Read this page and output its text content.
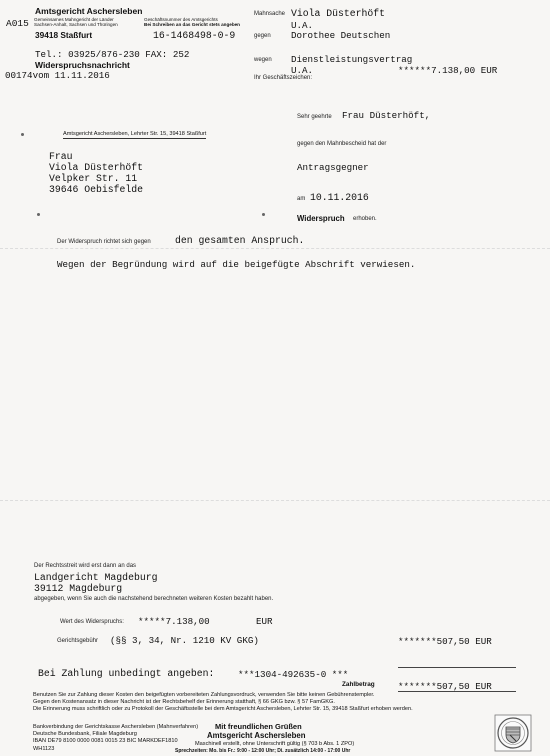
Amtsgericht Aschersleben
A015 Gemeinsames Mahngericht der Länder
Sachsen-Anhalt, Sachsen und Thüringen
39418 Staßfurt
Tel.: 03925/876-230 FAX: 252
Widerspruchsnachricht
00174vom 11.11.2016
Geschäftsnummer des Amtsgerichts
Bei Schreiben an das Gericht stets angeben
16-1468498-0-9
Mahnsache Viola Düsterhöft
U.A.
gegen Dorothee Deutschen
wegen Dienstleistungsvertrag
U.A.	******7.138,00 EUR
Ihr Geschäftszeichen:
Sehr geehrte Frau Düsterhöft,
Amtsgericht Aschersleben, Lehrter Str. 15, 39418 Staßfurt
Frau
Viola Düsterhöft
Velpker Str. 11
39646 Oebisfelde
gegen den Mahnbescheid hat der
Antragsgegner
am 10.11.2016
Widerspruch erhoben.
Der Widerspruch richtet sich gegen den gesamten Anspruch.
Wegen der Begründung wird auf die beigefügte Abschrift verwiesen.
Der Rechtsstreit wird erst dann an das
Landgericht Magdeburg
39112 Magdeburg
abgegeben, wenn Sie auch die nachstehend berechneten weiteren Kosten bezahlt haben.
Wert des Widerspruchs: *****7.138,00	EUR
Gerichtsgebühr (§§ 3, 34, Nr. 1210 KV GKG)	*******507,50 EUR
Bei Zahlung unbedingt angeben:	***1304-492635-0 ***
Zahlbetrag	*******507,50 EUR
Benutzen Sie zur Zahlung dieser Kosten den beigefügten vorbereiteten Zahlungsvordruck, verwenden Sie bitte keinen Gebührenstempler.
Gegen den Kostenansatz in dieser Nachricht ist der Rechtsbehelf der Erinnerung statthaft, § 66 GKG bzw. § 57 FamGKG.
Die Erinnerung muss schriftlich oder zu Protokoll der Geschäftsstelle bei dem Amtsgericht Aschersleben, Lehrter Str. 15, 39418 Staßfurt erhoben werden.
Bankverbindung der Gerichtskasse Aschersleben (Mahnverfahren)
Deutsche Bundesbank, Filiale Magdeburg
IBAN DE79 8100 0000 0081 0015 23 BIC MARKDEF1810
WH1123
Mit freundlichen Grüßen
Amtsgericht Aschersleben
Maschinell erstellt, ohne Unterschrift gültig (§ 703 b Abs. 1 ZPO)
Sprechzeiten: Mo. bis Fr.: 9:00 - 12:00 Uhr; Di. zusätzlich 14:00 - 17:00 Uhr
